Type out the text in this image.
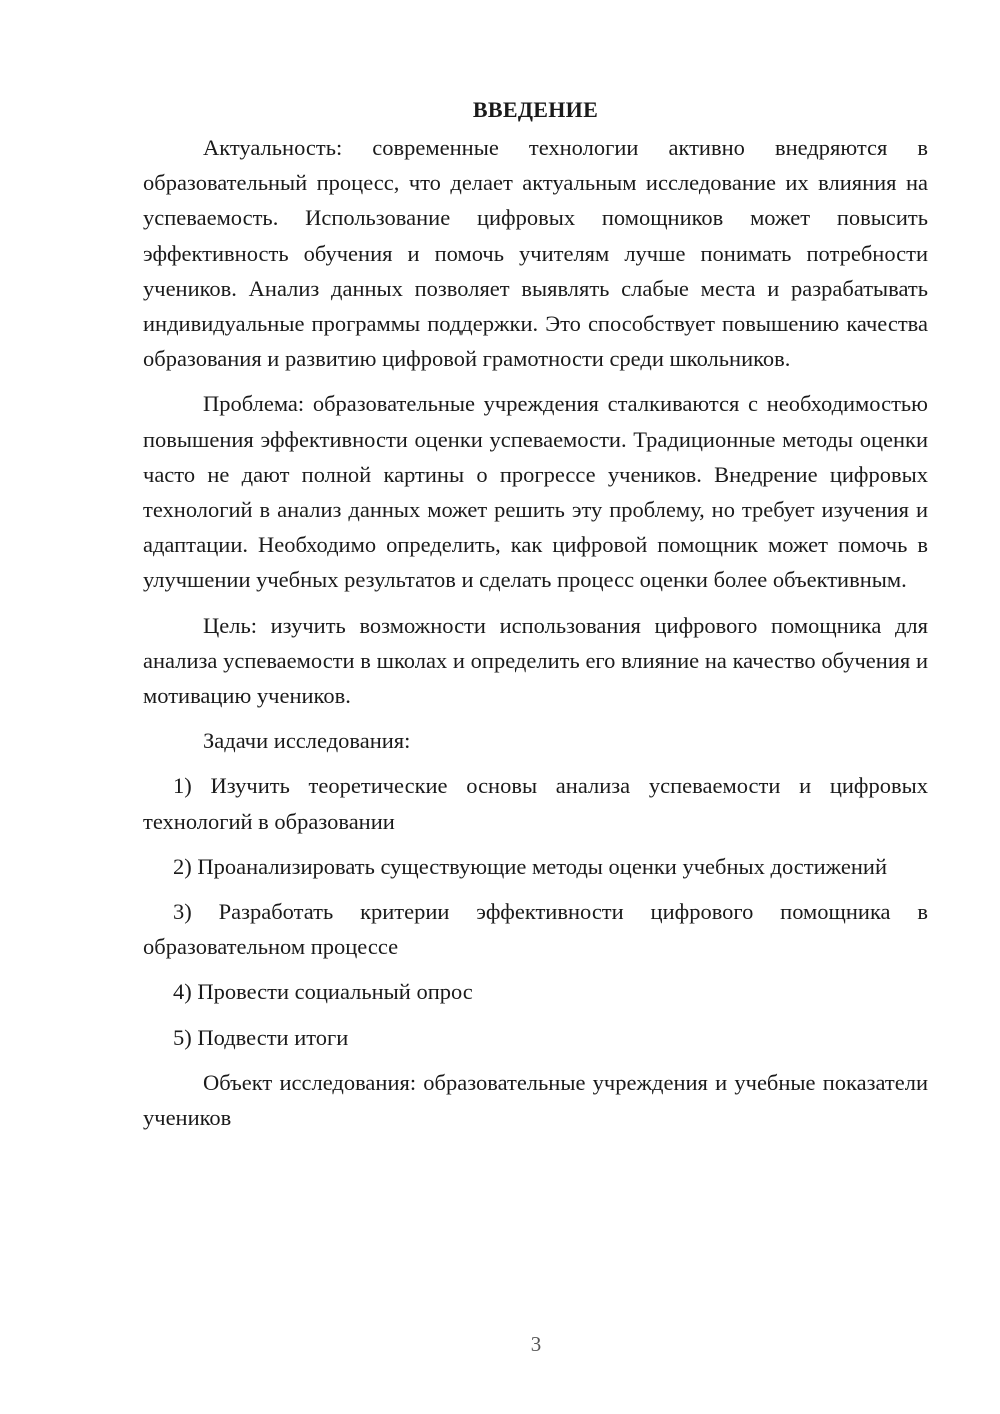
ВВЕДЕНИЕ

Актуальность: современные технологии активно внедряются в образовательный процесс, что делает актуальным исследование их влияния на успеваемость. Использование цифровых помощников может повысить эффективность обучения и помочь учителям лучше понимать потребности учеников. Анализ данных позволяет выявлять слабые места и разрабатывать индивидуальные программы поддержки. Это способствует повышению качества образования и развитию цифровой грамотности среди школьников.

Проблема: образовательные учреждения сталкиваются с необходимостью повышения эффективности оценки успеваемости. Традиционные методы оценки часто не дают полной картины о прогрессе учеников. Внедрение цифровых технологий в анализ данных может решить эту проблему, но требует изучения и адаптации. Необходимо определить, как цифровой помощник может помочь в улучшении учебных результатов и сделать процесс оценки более объективным.

Цель: изучить возможности использования цифрового помощника для анализа успеваемости в школах и определить его влияние на качество обучения и мотивацию учеников.

Задачи исследования:

1) Изучить теоретические основы анализа успеваемости и цифровых технологий в образовании

2) Проанализировать существующие методы оценки учебных достижений

3) Разработать критерии эффективности цифрового помощника в образовательном процессе

4) Провести социальный опрос

5) Подвести итоги

Объект исследования: образовательные учреждения и учебные показатели учеников

3
